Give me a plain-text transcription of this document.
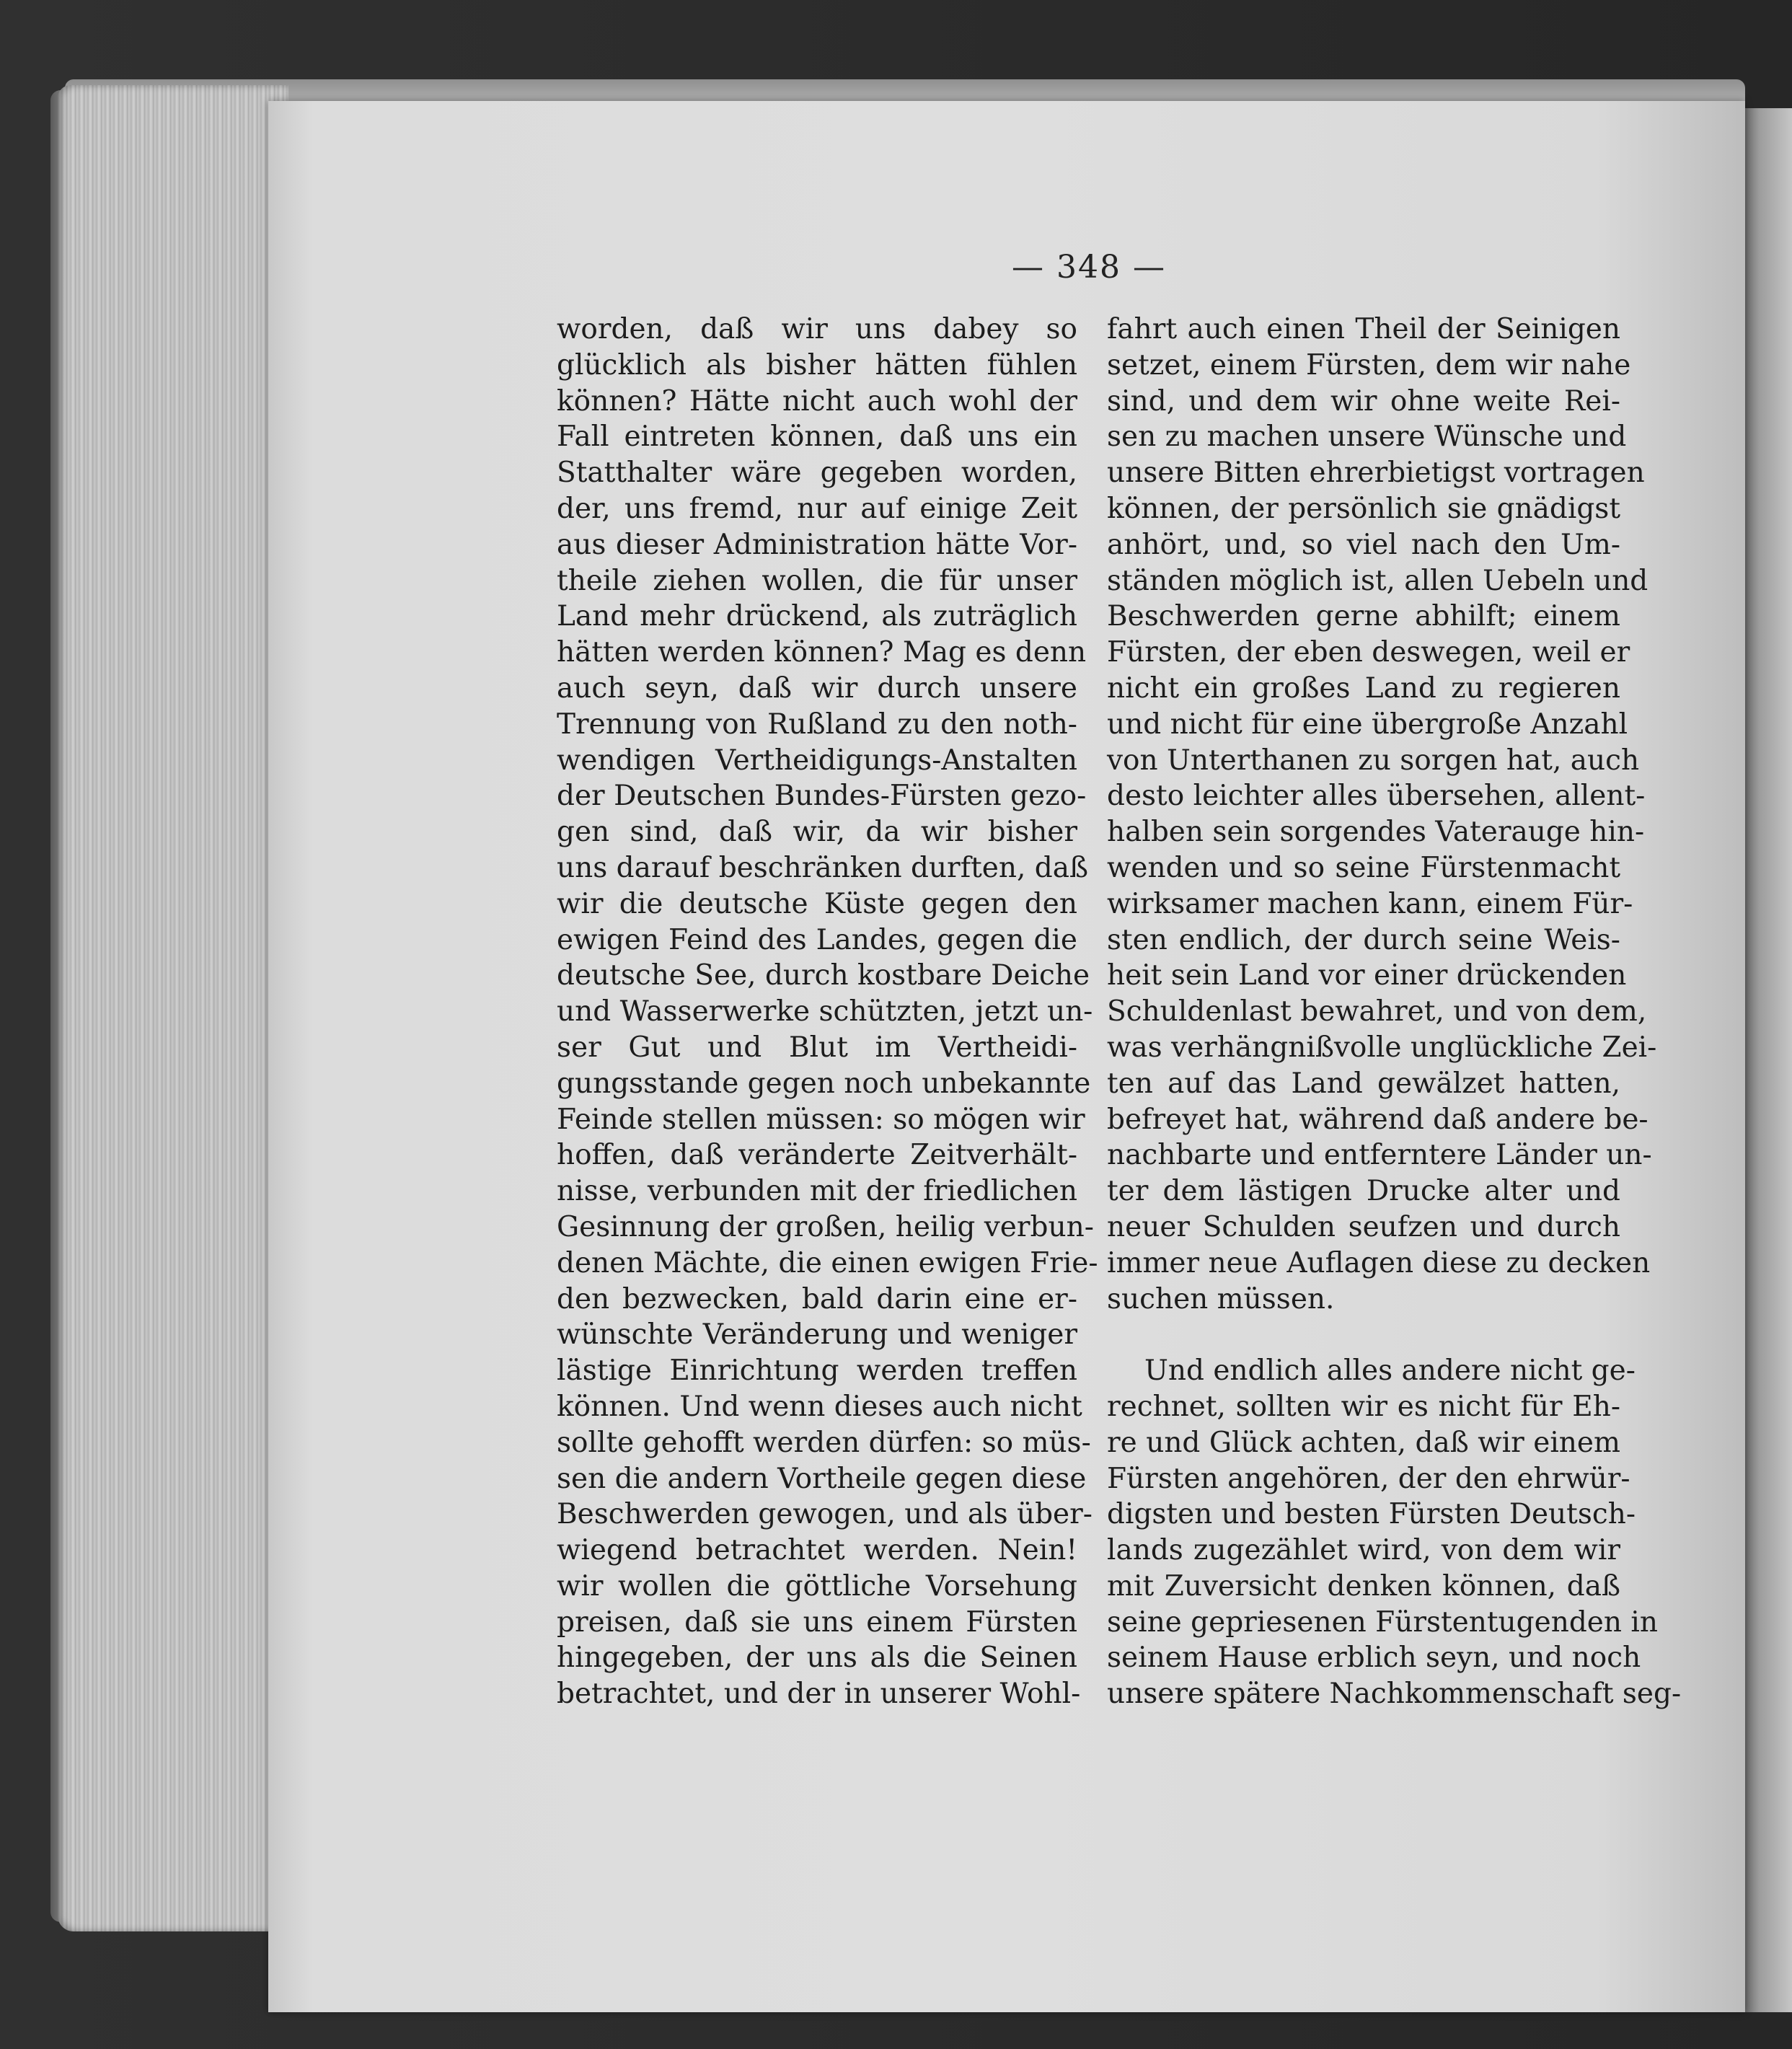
— 348 —
worden, daß wir uns dabey so
glücklich als bisher hätten fühlen
können? Hätte nicht auch wohl der
Fall eintreten können, daß uns ein
Statthalter wäre gegeben worden,
der, uns fremd, nur auf einige Zeit
aus dieser Administration hätte Vor-
theile ziehen wollen, die für unser
Land mehr drückend, als zuträglich
hätten werden können? Mag es denn
auch seyn, daß wir durch unsere
Trennung von Rußland zu den noth-
wendigen Vertheidigungs-Anstalten
der Deutschen Bundes-Fürsten gezo-
gen sind, daß wir, da wir bisher
uns darauf beschränken durften, daß
wir die deutsche Küste gegen den
ewigen Feind des Landes, gegen die
deutsche See, durch kostbare Deiche
und Wasserwerke schützten, jetzt un-
ser Gut und Blut im Vertheidi-
gungsstande gegen noch unbekannte
Feinde stellen müssen: so mögen wir
hoffen, daß veränderte Zeitverhält-
nisse, verbunden mit der friedlichen
Gesinnung der großen, heilig verbun-
denen Mächte, die einen ewigen Frie-
den bezwecken, bald darin eine er-
wünschte Veränderung und weniger
lästige Einrichtung werden treffen
können. Und wenn dieses auch nicht
sollte gehofft werden dürfen: so müs-
sen die andern Vortheile gegen diese
Beschwerden gewogen, und als über-
wiegend betrachtet werden. Nein!
wir wollen die göttliche Vorsehung
preisen, daß sie uns einem Fürsten
hingegeben, der uns als die Seinen
betrachtet, und der in unserer Wohl-
fahrt auch einen Theil der Seinigen
setzet, einem Fürsten, dem wir nahe
sind, und dem wir ohne weite Rei-
sen zu machen unsere Wünsche und
unsere Bitten ehrerbietigst vortragen
können, der persönlich sie gnädigst
anhört, und, so viel nach den Um-
ständen möglich ist, allen Uebeln und
Beschwerden gerne abhilft; einem
Fürsten, der eben deswegen, weil er
nicht ein großes Land zu regieren
und nicht für eine übergroße Anzahl
von Unterthanen zu sorgen hat, auch
desto leichter alles übersehen, allent-
halben sein sorgendes Vaterauge hin-
wenden und so seine Fürstenmacht
wirksamer machen kann, einem Für-
sten endlich, der durch seine Weis-
heit sein Land vor einer drückenden
Schuldenlast bewahret, und von dem,
was verhängnißvolle unglückliche Zei-
ten auf das Land gewälzet hatten,
befreyet hat, während daß andere be-
nachbarte und entferntere Länder un-
ter dem lästigen Drucke alter und
neuer Schulden seufzen und durch
immer neue Auflagen diese zu decken
suchen müssen.
Und endlich alles andere nicht ge-
rechnet, sollten wir es nicht für Eh-
re und Glück achten, daß wir einem
Fürsten angehören, der den ehrwür-
digsten und besten Fürsten Deutsch-
lands zugezählet wird, von dem wir
mit Zuversicht denken können, daß
seine gepriesenen Fürstentugenden in
seinem Hause erblich seyn, und noch
unsere spätere Nachkommenschaft seg-
